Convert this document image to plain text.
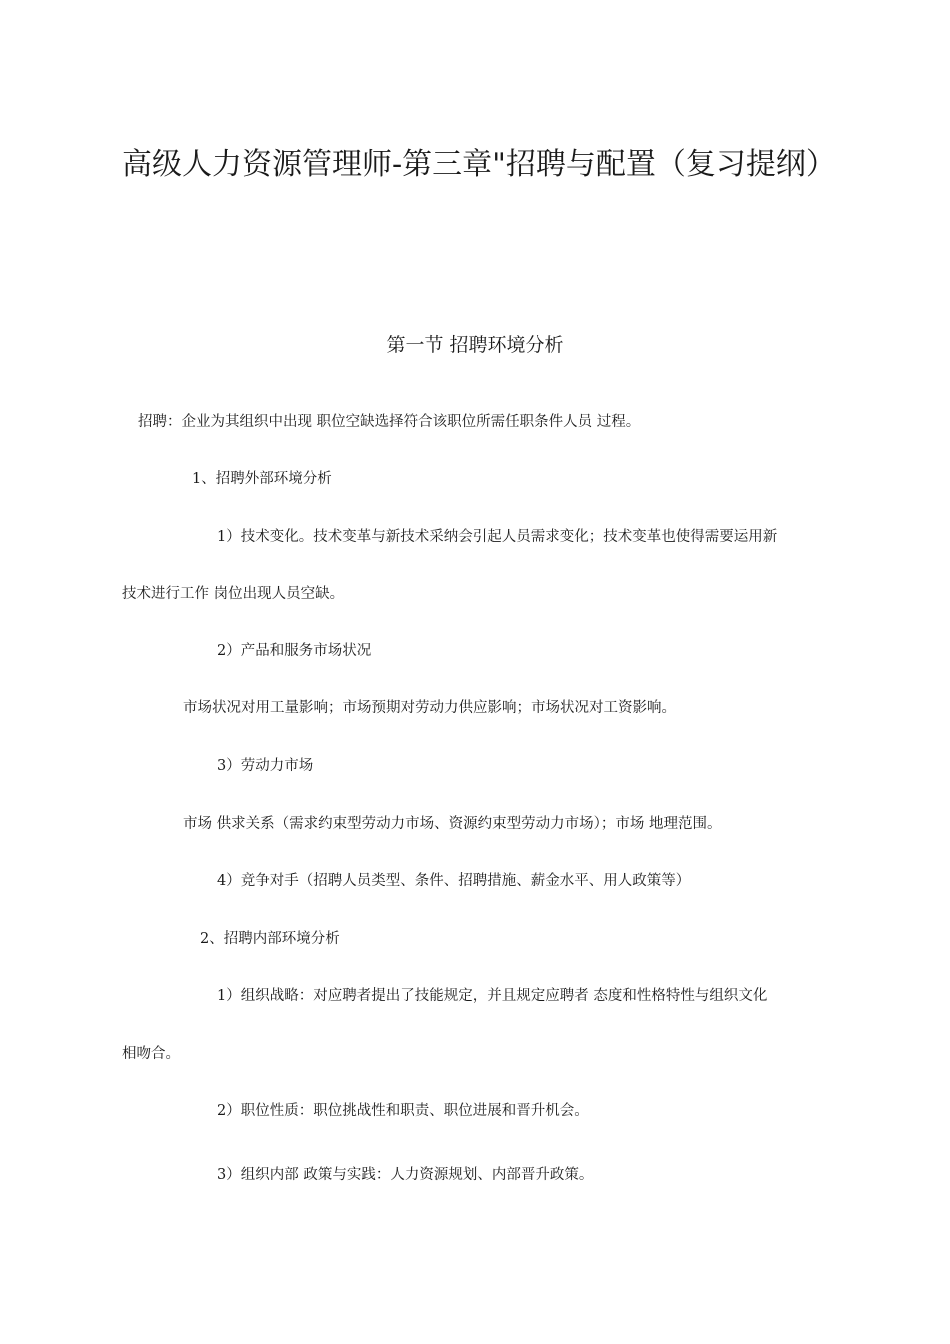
高级人力资源管理师-第三章"招聘与配置（复习提纲）
第一节 招聘环境分析
招聘：企业为其组织中出现 职位空缺选择符合该职位所需任职条件人员 过程。
1、招聘外部环境分析
1）技术变化。技术变革与新技术采纳会引起人员需求变化；技术变革也使得需要运用新
技术进行工作 岗位出现人员空缺。
2）产品和服务市场状况
市场状况对用工量影响；市场预期对劳动力供应影响；市场状况对工资影响。
3）劳动力市场
市场 供求关系（需求约束型劳动力市场、资源约束型劳动力市场）；市场 地理范围。
4）竞争对手（招聘人员类型、条件、招聘措施、薪金水平、用人政策等）
2、招聘内部环境分析
1）组织战略：对应聘者提出了技能规定，并且规定应聘者 态度和性格特性与组织文化
相吻合。
2）职位性质：职位挑战性和职责、职位进展和晋升机会。
3）组织内部 政策与实践：人力资源规划、内部晋升政策。
